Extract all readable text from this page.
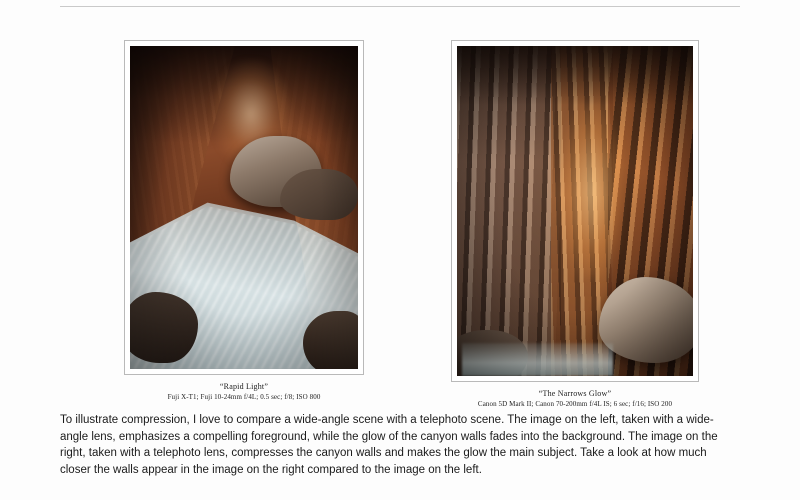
“Rapid Light”
Fuji X-T1; Fuji 10-24mm f/4L; 0.5 sec; f/8; ISO 800	“The Narrows Glow”
Canon 5D Mark II; Canon 70-200mm f/4L IS; 6 sec; f/16; ISO 200

To illustrate compression, I love to compare a wide-angle scene with a telephoto scene. The image on the left, taken with a wide-angle lens, emphasizes a compelling foreground, while the glow of the canyon walls fades into the background. The image on the right, taken with a telephoto lens, compresses the canyon walls and makes the glow the main subject. Take a look at how much closer the walls appear in the image on the right compared to the image on the left.
